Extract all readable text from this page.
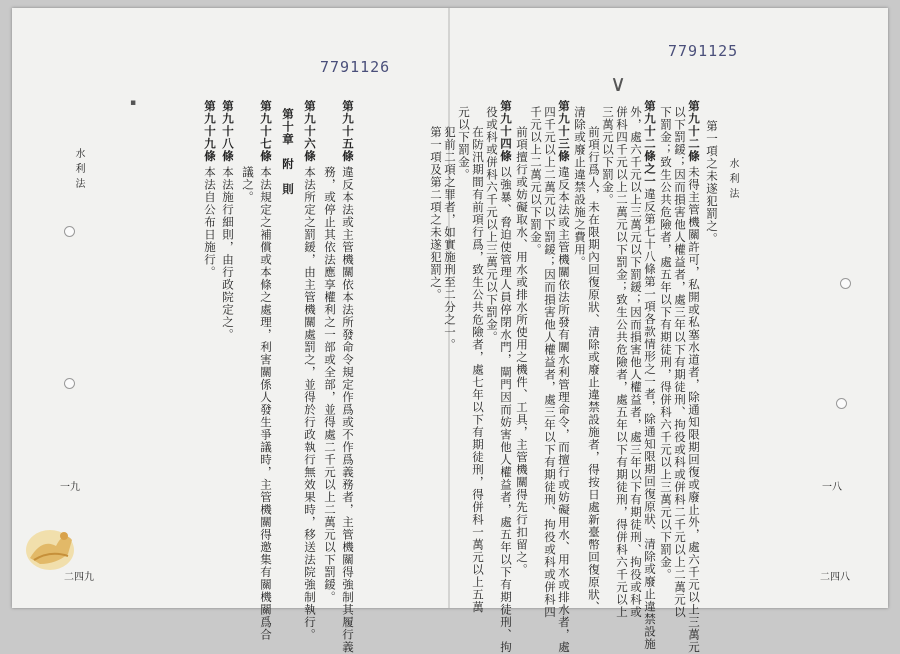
7791126
水 利 法
▪
一九
二四九
第九十五條
違反本法或主管機關依本法所發命令規定作爲或不作爲義務者，主管機關得強制其履行義
務，或停止其依法應享權利之一部或全部，並得處二千元以上二萬元以下罰鍰。
第九十六條
本法所定之罰鍰，由主管機關處罰之，並得於行政執行無效果時，移送法院強制執行。
第十章　附　則
第九十七條
本法規定之補償或本條之處理，利害關係人發生爭議時，主管機關得邀集有關機關爲合
議之。
第九十八條
本法施行細則，由行政院定之。
第九十九條
本法自公布日施行。
7791125
∨
水 利 法
一八
二四八
第一項之未遂犯罰之。
第九十二條
未得主管機關許可，私開或私塞水道者，除通知限期回復或廢止外，處六千元以上三萬元
以下罰鍰；因而損害他人權益者，處三年以下有期徒刑、拘役或科或併科二千元以上二萬元以
下罰金；致生公共危險者，處五年以下有期徒刑，得併科六千元以上三萬元以下罰金。
第九十二條之一
違反第七十八條第一項各款情形之一者，除通知限期回復原狀、清除或廢止違禁設施
外，處六千元以上三萬元以下罰鍰；因而損害他人權益者，處三年以下有期徒刑、拘役或科或
併科四千元以上二萬元以下罰金；致生公共危險者，處五年以下有期徒刑，得併科六千元以上
三萬元以下罰金。
前項行爲人，未在限期內回復原狀、清除或廢止違禁設施者，得按日處新臺幣回復原狀、
清除或廢止違禁設施之費用。
第九十三條
違反本法或主管機關依法所發有關水利管理命令，而擅行或妨礙用水、用水或排水者，處
四千元以上二萬元以下罰鍰；因而損害他人權益者，處三年以下有期徒刑、拘役或科或併科四
千元以上二萬元以下罰金。
前項擅行或妨礙取水、用水或排水所使用之機件、工具，主管機關得先行扣留之。
第九十四條
以強暴、脅迫使管理人員停閉水門，閘門因而妨害他人權益者，處五年以下有期徒刑、拘
役或科或併科六千元以上三萬元以下罰金。
在防汛期間有前項行爲，致生公共危險者，處七年以下有期徒刑，得併科一萬元以上五萬
元以下罰金。
犯前二項之罪者，如實施刑至二分之一。
第一項及第二項之未遂犯罰之。
